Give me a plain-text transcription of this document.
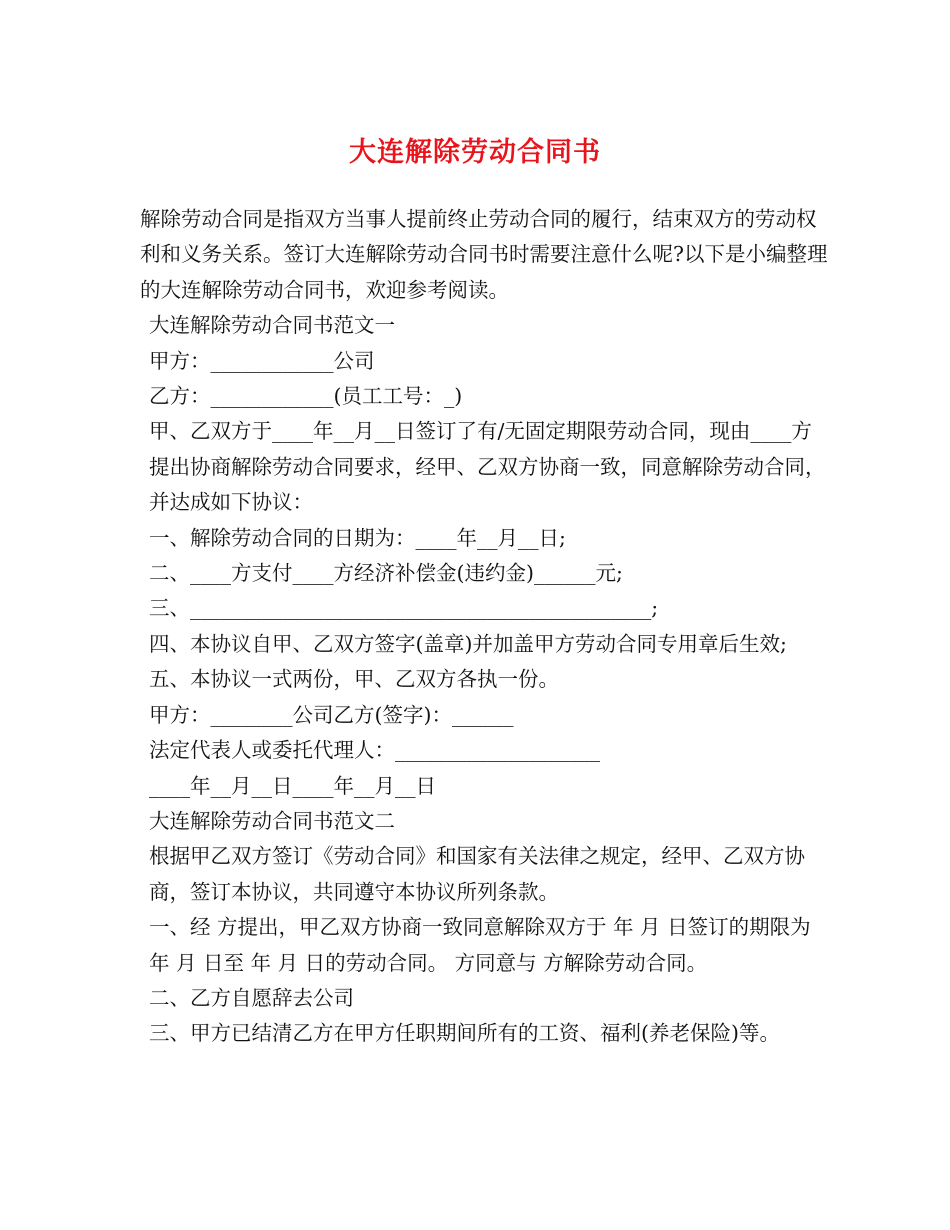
大连解除劳动合同书

解除劳动合同是指双方当事人提前终止劳动合同的履行，结束双方的劳动权利和义务关系。签订大连解除劳动合同书时需要注意什么呢?以下是小编整理的大连解除劳动合同书，欢迎参考阅读。

大连解除劳动合同书范文一

甲方：____________公司

乙方：____________(员工工号：_)

甲、乙双方于____年__月__日签订了有/无固定期限劳动合同，现由____方提出协商解除劳动合同要求，经甲、乙双方协商一致，同意解除劳动合同，并达成如下协议：

一、解除劳动合同的日期为：____年__月__日;

二、____方支付____方经济补偿金(违约金)______元;

三、_____________________________________________;

四、本协议自甲、乙双方签字(盖章)并加盖甲方劳动合同专用章后生效;

五、本协议一式两份，甲、乙双方各执一份。

甲方：________公司乙方(签字)：______

法定代表人或委托代理人：____________________

____年__月__日____年__月__日

大连解除劳动合同书范文二

根据甲乙双方签订《劳动合同》和国家有关法律之规定，经甲、乙双方协商，签订本协议，共同遵守本协议所列条款。

一、经 方提出，甲乙双方协商一致同意解除双方于 年 月 日签订的期限为 年 月 日至 年 月 日的劳动合同。 方同意与 方解除劳动合同。

二、乙方自愿辞去公司

三、甲方已结清乙方在甲方任职期间所有的工资、福利(养老保险)等。
